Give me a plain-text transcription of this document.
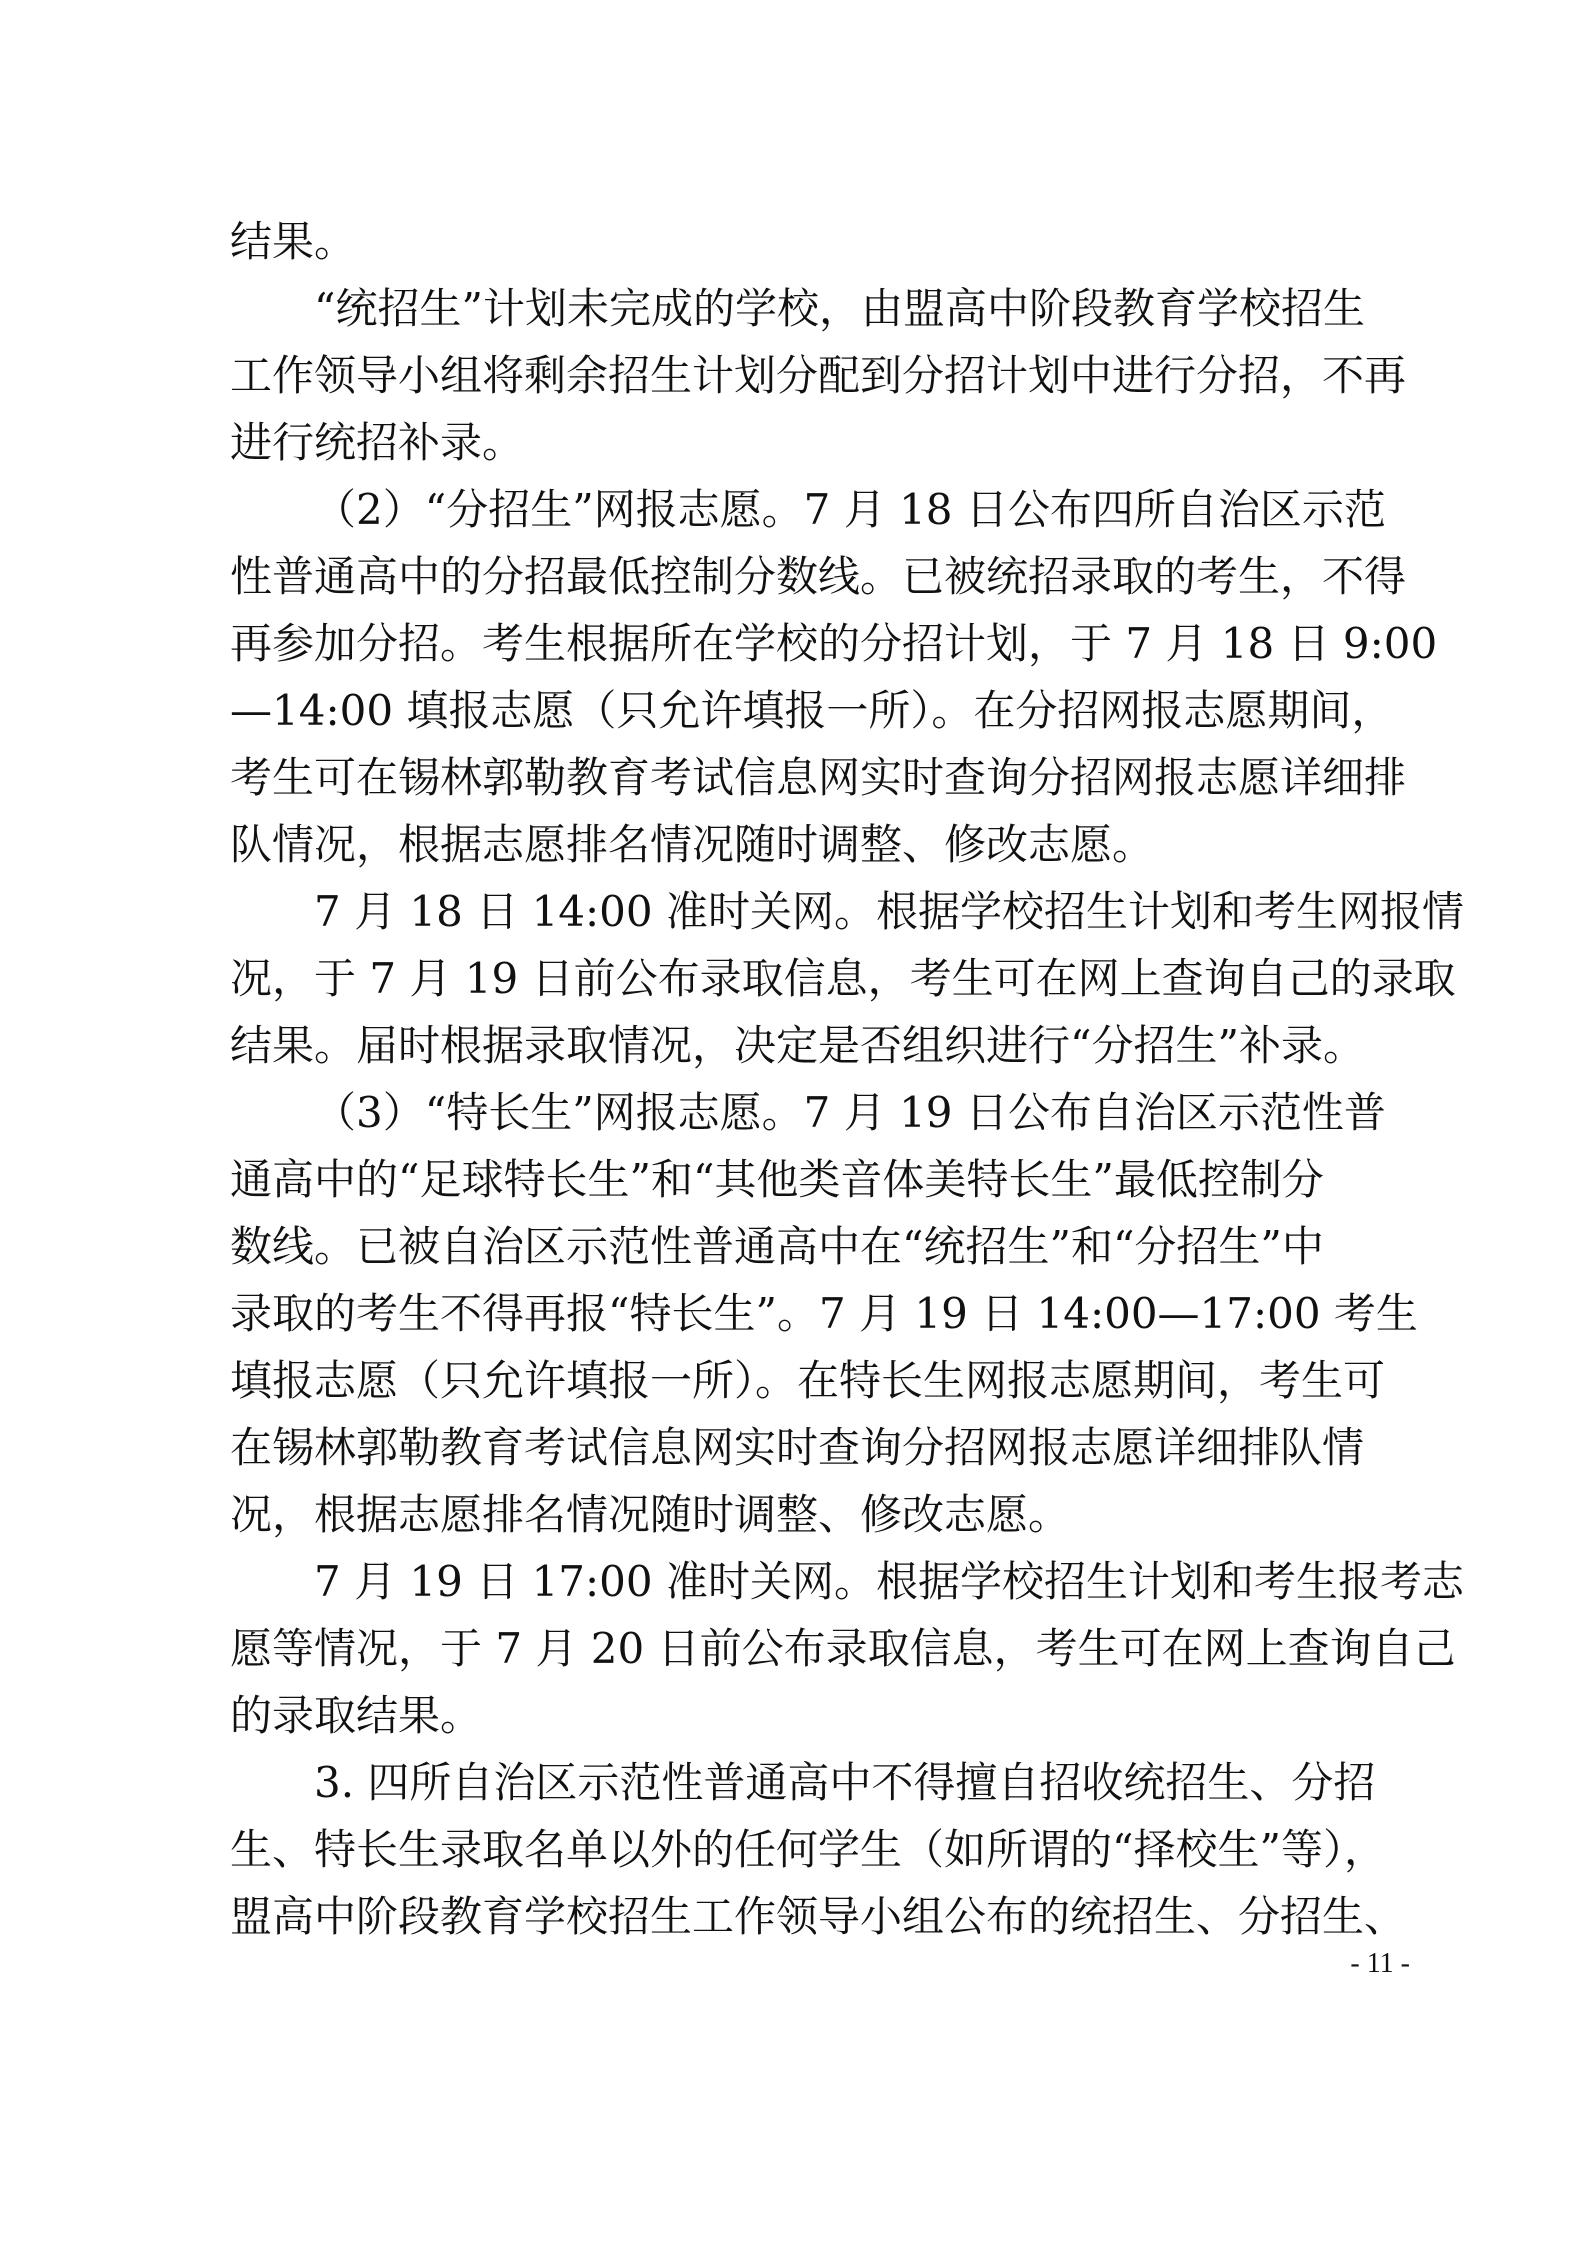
结果。
“统招生”计划未完成的学校，由盟高中阶段教育学校招生
工作领导小组将剩余招生计划分配到分招计划中进行分招，不再
进行统招补录。
（2）“分招生”网报志愿。7 月 18 日公布四所自治区示范
性普通高中的分招最低控制分数线。已被统招录取的考生，不得
再参加分招。考生根据所在学校的分招计划，于 7 月 18 日 9:00
—14:00 填报志愿（只允许填报一所）。在分招网报志愿期间，
考生可在锡林郭勒教育考试信息网实时查询分招网报志愿详细排
队情况，根据志愿排名情况随时调整、修改志愿。
7 月 18 日 14:00 准时关网。根据学校招生计划和考生网报情
况，于 7 月 19 日前公布录取信息，考生可在网上查询自己的录取
结果。届时根据录取情况，决定是否组织进行“分招生”补录。
（3）“特长生”网报志愿。7 月 19 日公布自治区示范性普
通高中的“足球特长生”和“其他类音体美特长生”最低控制分
数线。已被自治区示范性普通高中在“统招生”和“分招生”中
录取的考生不得再报“特长生”。7 月 19 日 14:00—17:00 考生
填报志愿（只允许填报一所）。在特长生网报志愿期间，考生可
在锡林郭勒教育考试信息网实时查询分招网报志愿详细排队情
况，根据志愿排名情况随时调整、修改志愿。
7 月 19 日 17:00 准时关网。根据学校招生计划和考生报考志
愿等情况，于 7 月 20 日前公布录取信息，考生可在网上查询自己
的录取结果。
3. 四所自治区示范性普通高中不得擅自招收统招生、分招
生、特长生录取名单以外的任何学生（如所谓的“择校生”等），
盟高中阶段教育学校招生工作领导小组公布的统招生、分招生、
- 11 -
